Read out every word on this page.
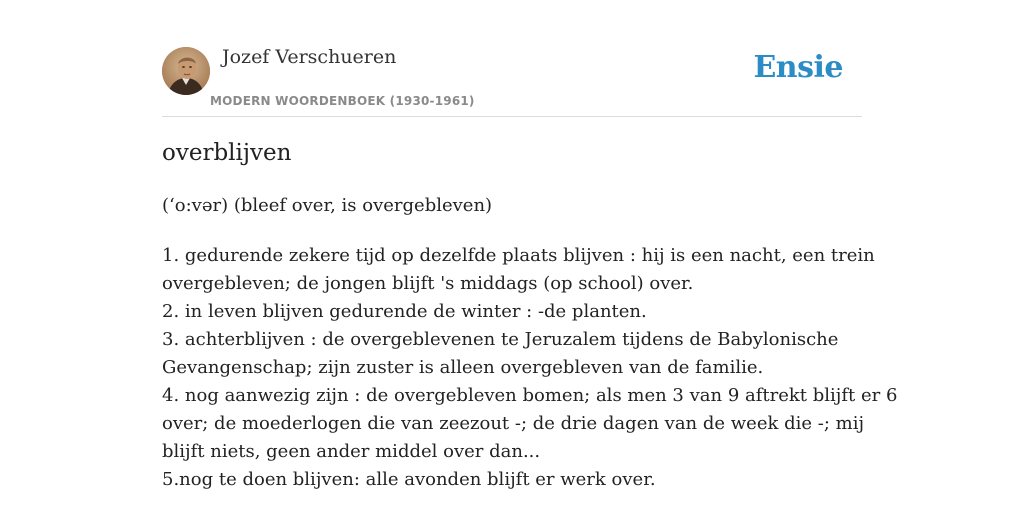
Jozef Verschueren
MODERN WOORDENBOEK (1930-1961)
Ensie
overblijven
(ʻo:vər) (bleef over, is overgebleven)
1. gedurende zekere tijd op dezelfde plaats blijven : hij is een nacht, een trein
overgebleven; de jongen blijft 's middags (op school) over.
2. in leven blijven gedurende de winter : -de planten.
3. achterblijven : de overgeblevenen te Jeruzalem tijdens de Babylonische
Gevangenschap; zijn zuster is alleen overgebleven van de familie.
4. nog aanwezig zijn : de overgebleven bomen; als men 3 van 9 aftrekt blijft er 6
over; de moederlogen die van zeezout -; de drie dagen van de week die -; mij
blijft niets, geen ander middel over dan...
5.nog te doen blijven: alle avonden blijft er werk over.
